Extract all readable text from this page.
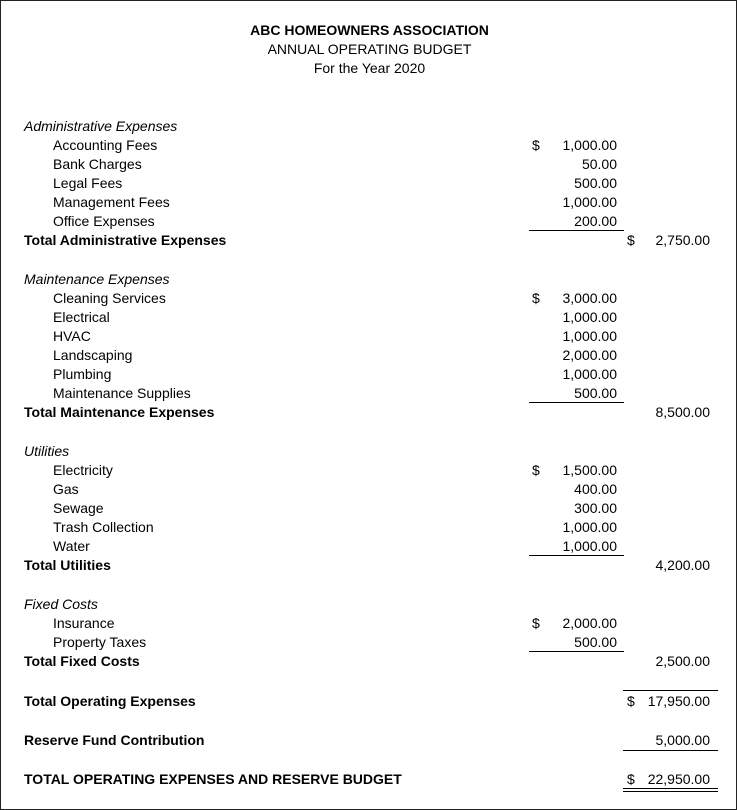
ABC HOMEOWNERS ASSOCIATION
ANNUAL OPERATING BUDGET
For the Year 2020
Administrative Expenses
Accounting Fees	$ 1,000.00
Bank Charges	50.00
Legal Fees	500.00
Management Fees	1,000.00
Office Expenses	200.00
Total Administrative Expenses	$ 2,750.00
Maintenance Expenses
Cleaning Services	$ 3,000.00
Electrical	1,000.00
HVAC	1,000.00
Landscaping	2,000.00
Plumbing	1,000.00
Maintenance Supplies	500.00
Total Maintenance Expenses	8,500.00
Utilities
Electricity	$ 1,500.00
Gas	400.00
Sewage	300.00
Trash Collection	1,000.00
Water	1,000.00
Total Utilities	4,200.00
Fixed Costs
Insurance	$ 2,000.00
Property Taxes	500.00
Total Fixed Costs	2,500.00
Total Operating Expenses	$ 17,950.00
Reserve Fund Contribution	5,000.00
TOTAL OPERATING EXPENSES AND RESERVE BUDGET	$ 22,950.00
